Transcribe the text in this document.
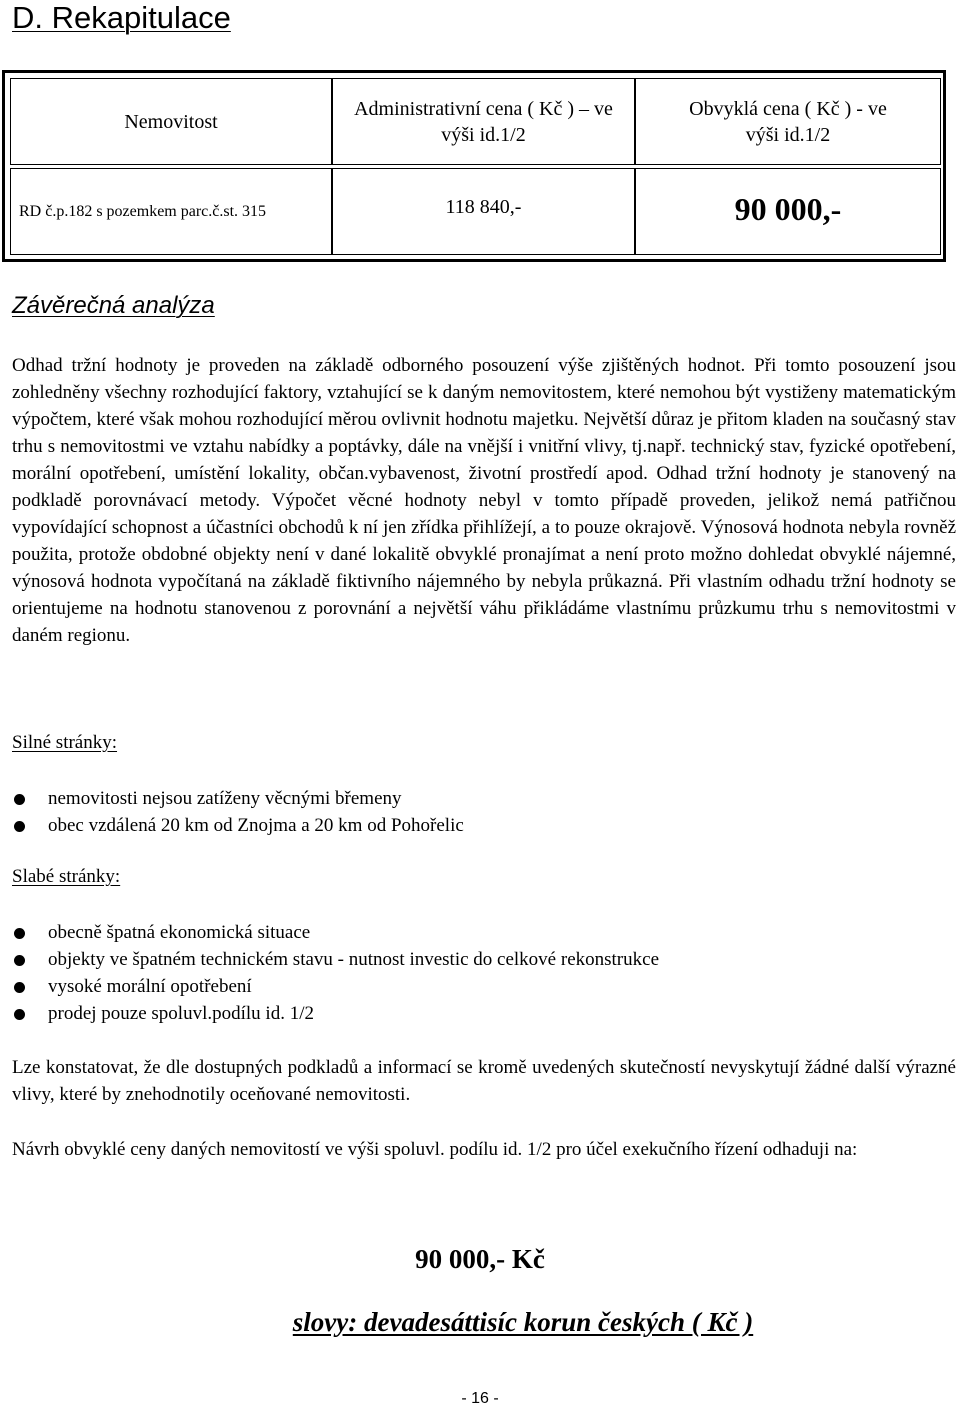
D. Rekapitulace
Nemovitost
Administrativní cena ( Kč ) – ve výši id.1/2
Obvyklá cena ( Kč ) - ve výši id.1/2
RD č.p.182 s pozemkem parc.č.st. 315	118 840,-	90 000,-
Závěrečná analýza
Odhad tržní hodnoty je proveden na základě odborného posouzení výše zjištěných hodnot. Při tomto posouzení jsou zohledněny všechny rozhodující faktory, vztahující se k daným nemovitostem, které nemohou být vystiženy matematickým výpočtem, které však mohou rozhodující měrou ovlivnit hodnotu majetku. Největší důraz je přitom kladen na současný stav trhu s nemovitostmi ve vztahu nabídky a poptávky, dále na vnější i vnitřní vlivy, tj.např. technický stav, fyzické opotřebení, morální opotřebení, umístění lokality, občan.vybavenost, životní prostředí apod. Odhad tržní hodnoty je stanovený na podkladě porovnávací metody. Výpočet věcné hodnoty nebyl v tomto případě proveden, jelikož nemá patřičnou vypovídající schopnost a účastníci obchodů k ní jen zřídka přihlížejí, a to pouze okrajově. Výnosová hodnota nebyla rovněž použita, protože obdobné objekty není v dané lokalitě obvyklé pronajímat a není proto možno dohledat obvyklé nájemné, výnosová hodnota vypočítaná na základě fiktivního nájemného by nebyla průkazná. Při vlastním odhadu tržní hodnoty se orientujeme na hodnotu stanovenou z porovnání a největší váhu přikládáme vlastnímu průzkumu trhu s nemovitostmi v daném regionu.
Silné stránky:
nemovitosti nejsou zatíženy věcnými břemeny
obec vzdálená 20 km od Znojma a 20 km od Pohořelic
Slabé stránky:
obecně špatná ekonomická situace
objekty ve špatném technickém stavu - nutnost investic do celkové rekonstrukce
vysoké morální opotřebení
prodej pouze spoluvl.podílu id. 1/2
Lze konstatovat, že dle dostupných podkladů a informací se kromě uvedených skutečností nevyskytují žádné další výrazné vlivy, které by znehodnotily oceňované nemovitosti.
Návrh obvyklé ceny daných nemovitostí ve výši spoluvl. podílu id. 1/2 pro účel exekučního řízení odhaduji na:
90 000,- Kč
slovy: devadesáttisíc korun českých ( Kč )
- 16 -
